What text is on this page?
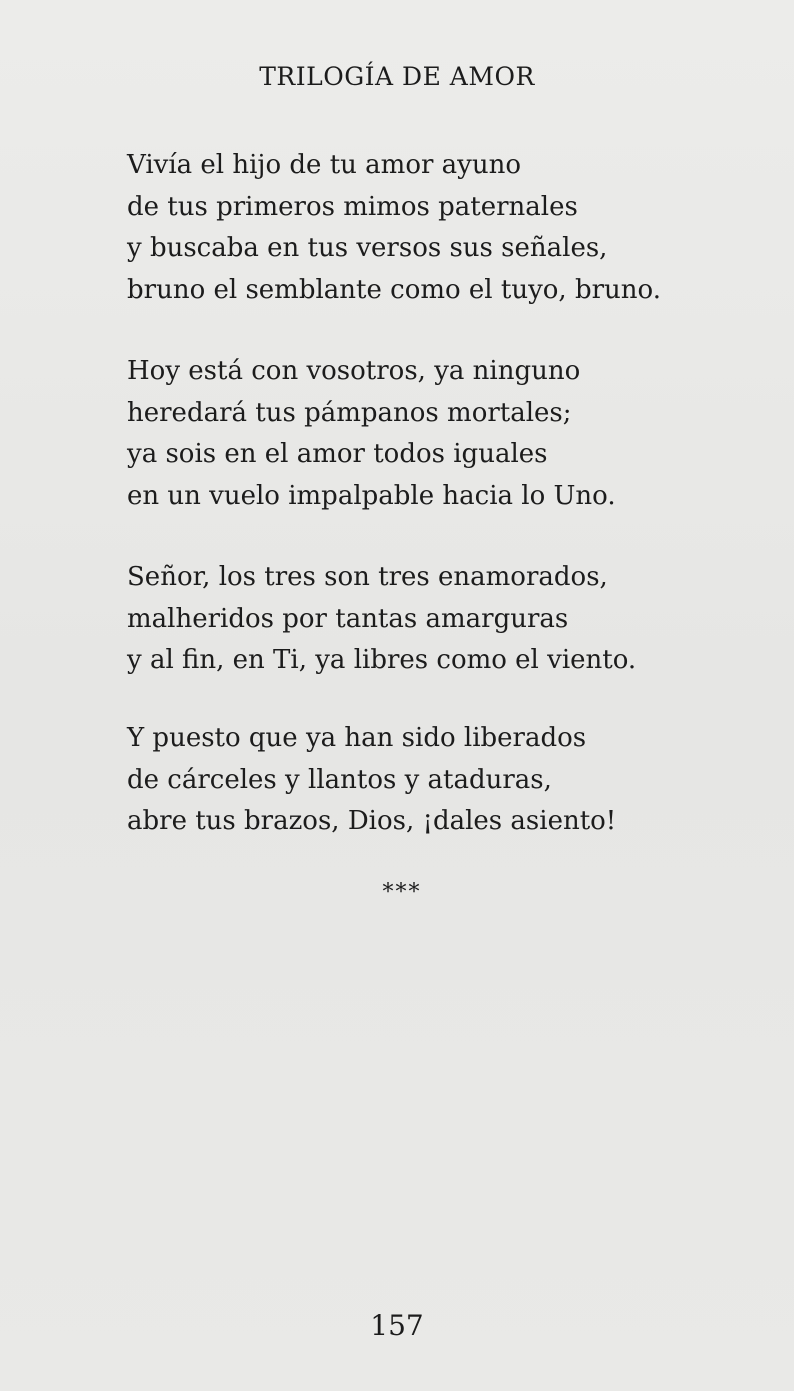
TRILOGÍA DE AMOR
Vivía el hijo de tu amor ayuno
de tus primeros mimos paternales
y buscaba en tus versos sus señales,
bruno el semblante como el tuyo, bruno.
Hoy está con vosotros, ya ninguno
heredará tus pámpanos mortales;
ya sois en el amor todos iguales
en un vuelo impalpable hacia lo Uno.
Señor, los tres son tres enamorados,
malheridos por tantas amarguras
y al fin, en Ti, ya libres como el viento.
Y puesto que ya han sido liberados
de cárceles y llantos y ataduras,
abre tus brazos, Dios, ¡dales asiento!
***
157
